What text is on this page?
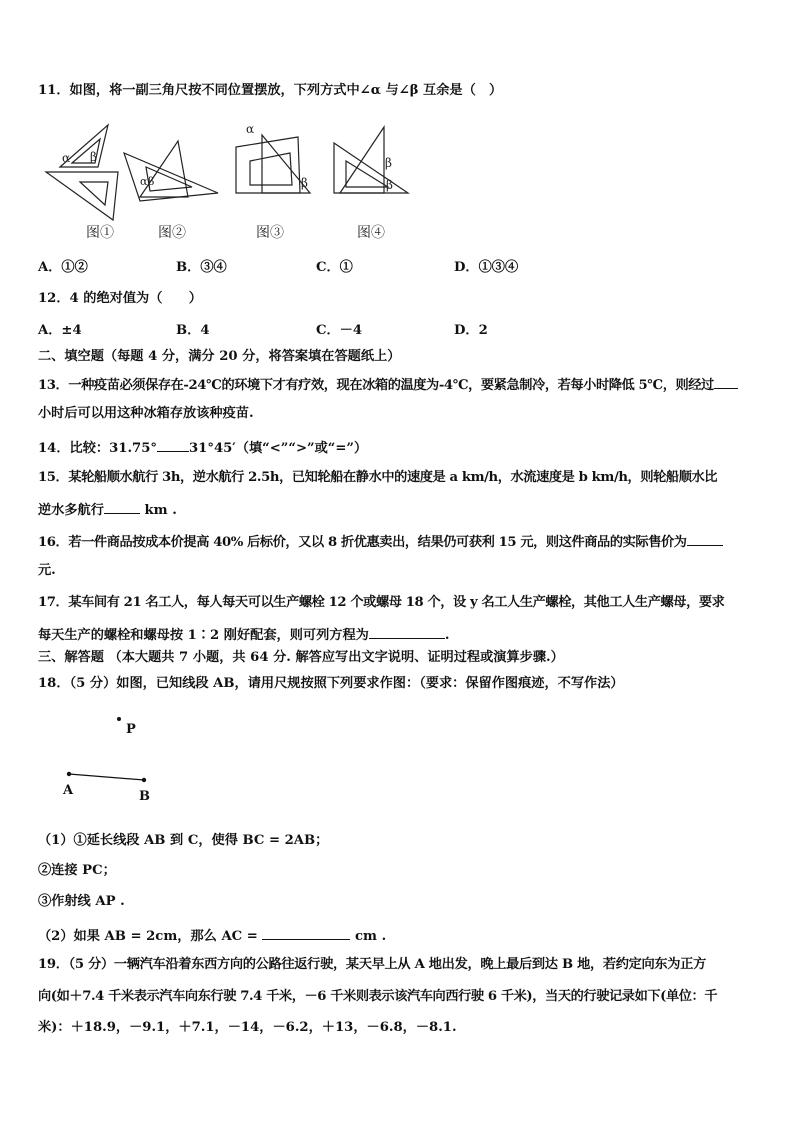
11．如图，将一副三角尺按不同位置摆放，下列方式中∠α 与∠β 互余是（　）
α β
α β
α
β
β
β
图①	图②	图③	图④
A．①②	B．③④	C．①	D．①③④
12．4 的绝对值为（　　）
A．±4	B．4	C．－4	D．2
二、填空题（每题 4 分，满分 20 分，将答案填在答题纸上）
13．一种疫苗必须保存在-24℃的环境下才有疗效，现在冰箱的温度为-4℃，要紧急制冷，若每小时降低 5℃，则经过
小时后可以用这种冰箱存放该种疫苗.
14．比较：31.75° 31°45′（填“<”“>”或“=”）
15．某轮船顺水航行 3h，逆水航行 2.5h，已知轮船在静水中的速度是 a km/h，水流速度是 b km/h，则轮船顺水比
逆水多航行	km .
16．若一件商品按成本价提高 40% 后标价，又以 8 折优惠卖出，结果仍可获利 15 元，则这件商品的实际售价为
元.
17．某车间有 21 名工人，每人每天可以生产螺栓 12 个或螺母 18 个，设 y 名工人生产螺栓，其他工人生产螺母，要求
每天生产的螺栓和螺母按 1∶2 刚好配套，则可列方程为	.
三、解答题 （本大题共 7 小题，共 64 分. 解答应写出文字说明、证明过程或演算步骤.）
18．（5 分）如图，已知线段 AB，请用尺规按照下列要求作图：（要求：保留作图痕迹，不写作法）
P
A	B
（1）①延长线段 AB 到 C，使得 BC = 2AB；
②连接 PC；
③作射线 AP .
（2）如果 AB = 2cm，那么 AC =	cm .
19．（5 分）一辆汽车沿着东西方向的公路往返行驶，某天早上从 A 地出发，晚上最后到达 B 地，若约定向东为正方
向(如＋7.4 千米表示汽车向东行驶 7.4 千米，－6 千米则表示该汽车向西行驶 6 千米)，当天的行驶记录如下(单位：千
米)：＋18.9，－9.1，＋7.1，－14，－6.2，＋13，－6.8，－8.1.
